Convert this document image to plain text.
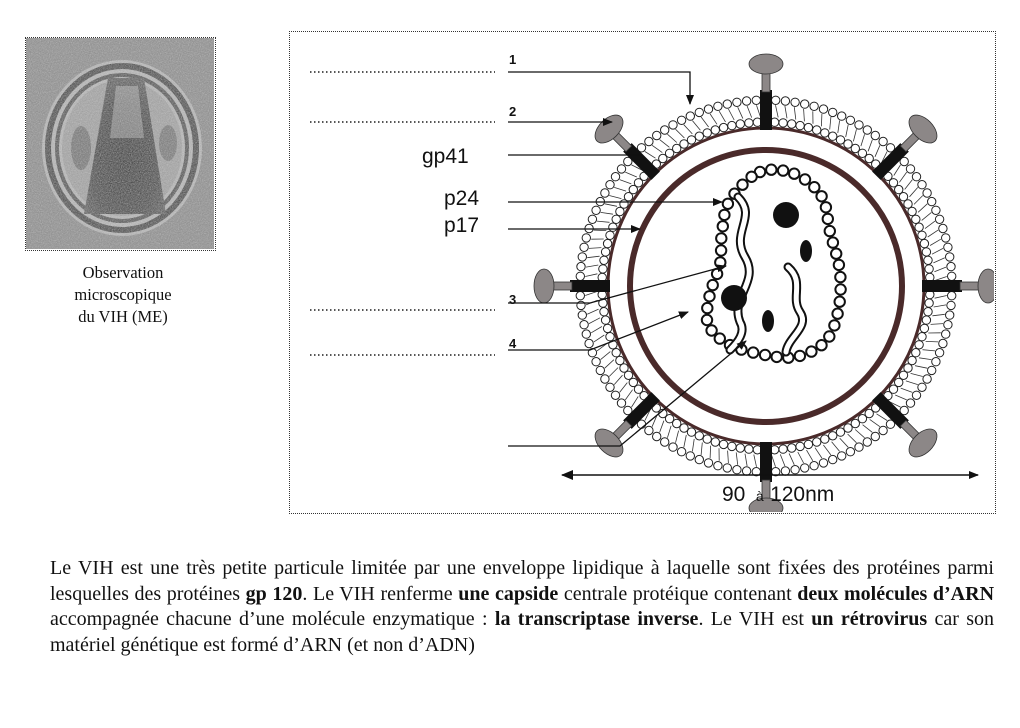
Observation
microscopique
du VIH (ME)
1
2
gp41
p24
p17
3
4
90 à 120nm
Le VIH est une très petite particule limitée par une enveloppe lipidique à laquelle sont fixées des protéines parmi lesquelles des protéines gp 120. Le VIH renferme une capside centrale protéique contenant deux molécules d’ARN accompagnée chacune d’une molécule enzymatique : la transcriptase inverse. Le VIH est un rétrovirus car son matériel génétique est formé d’ARN (et non d’ADN)
